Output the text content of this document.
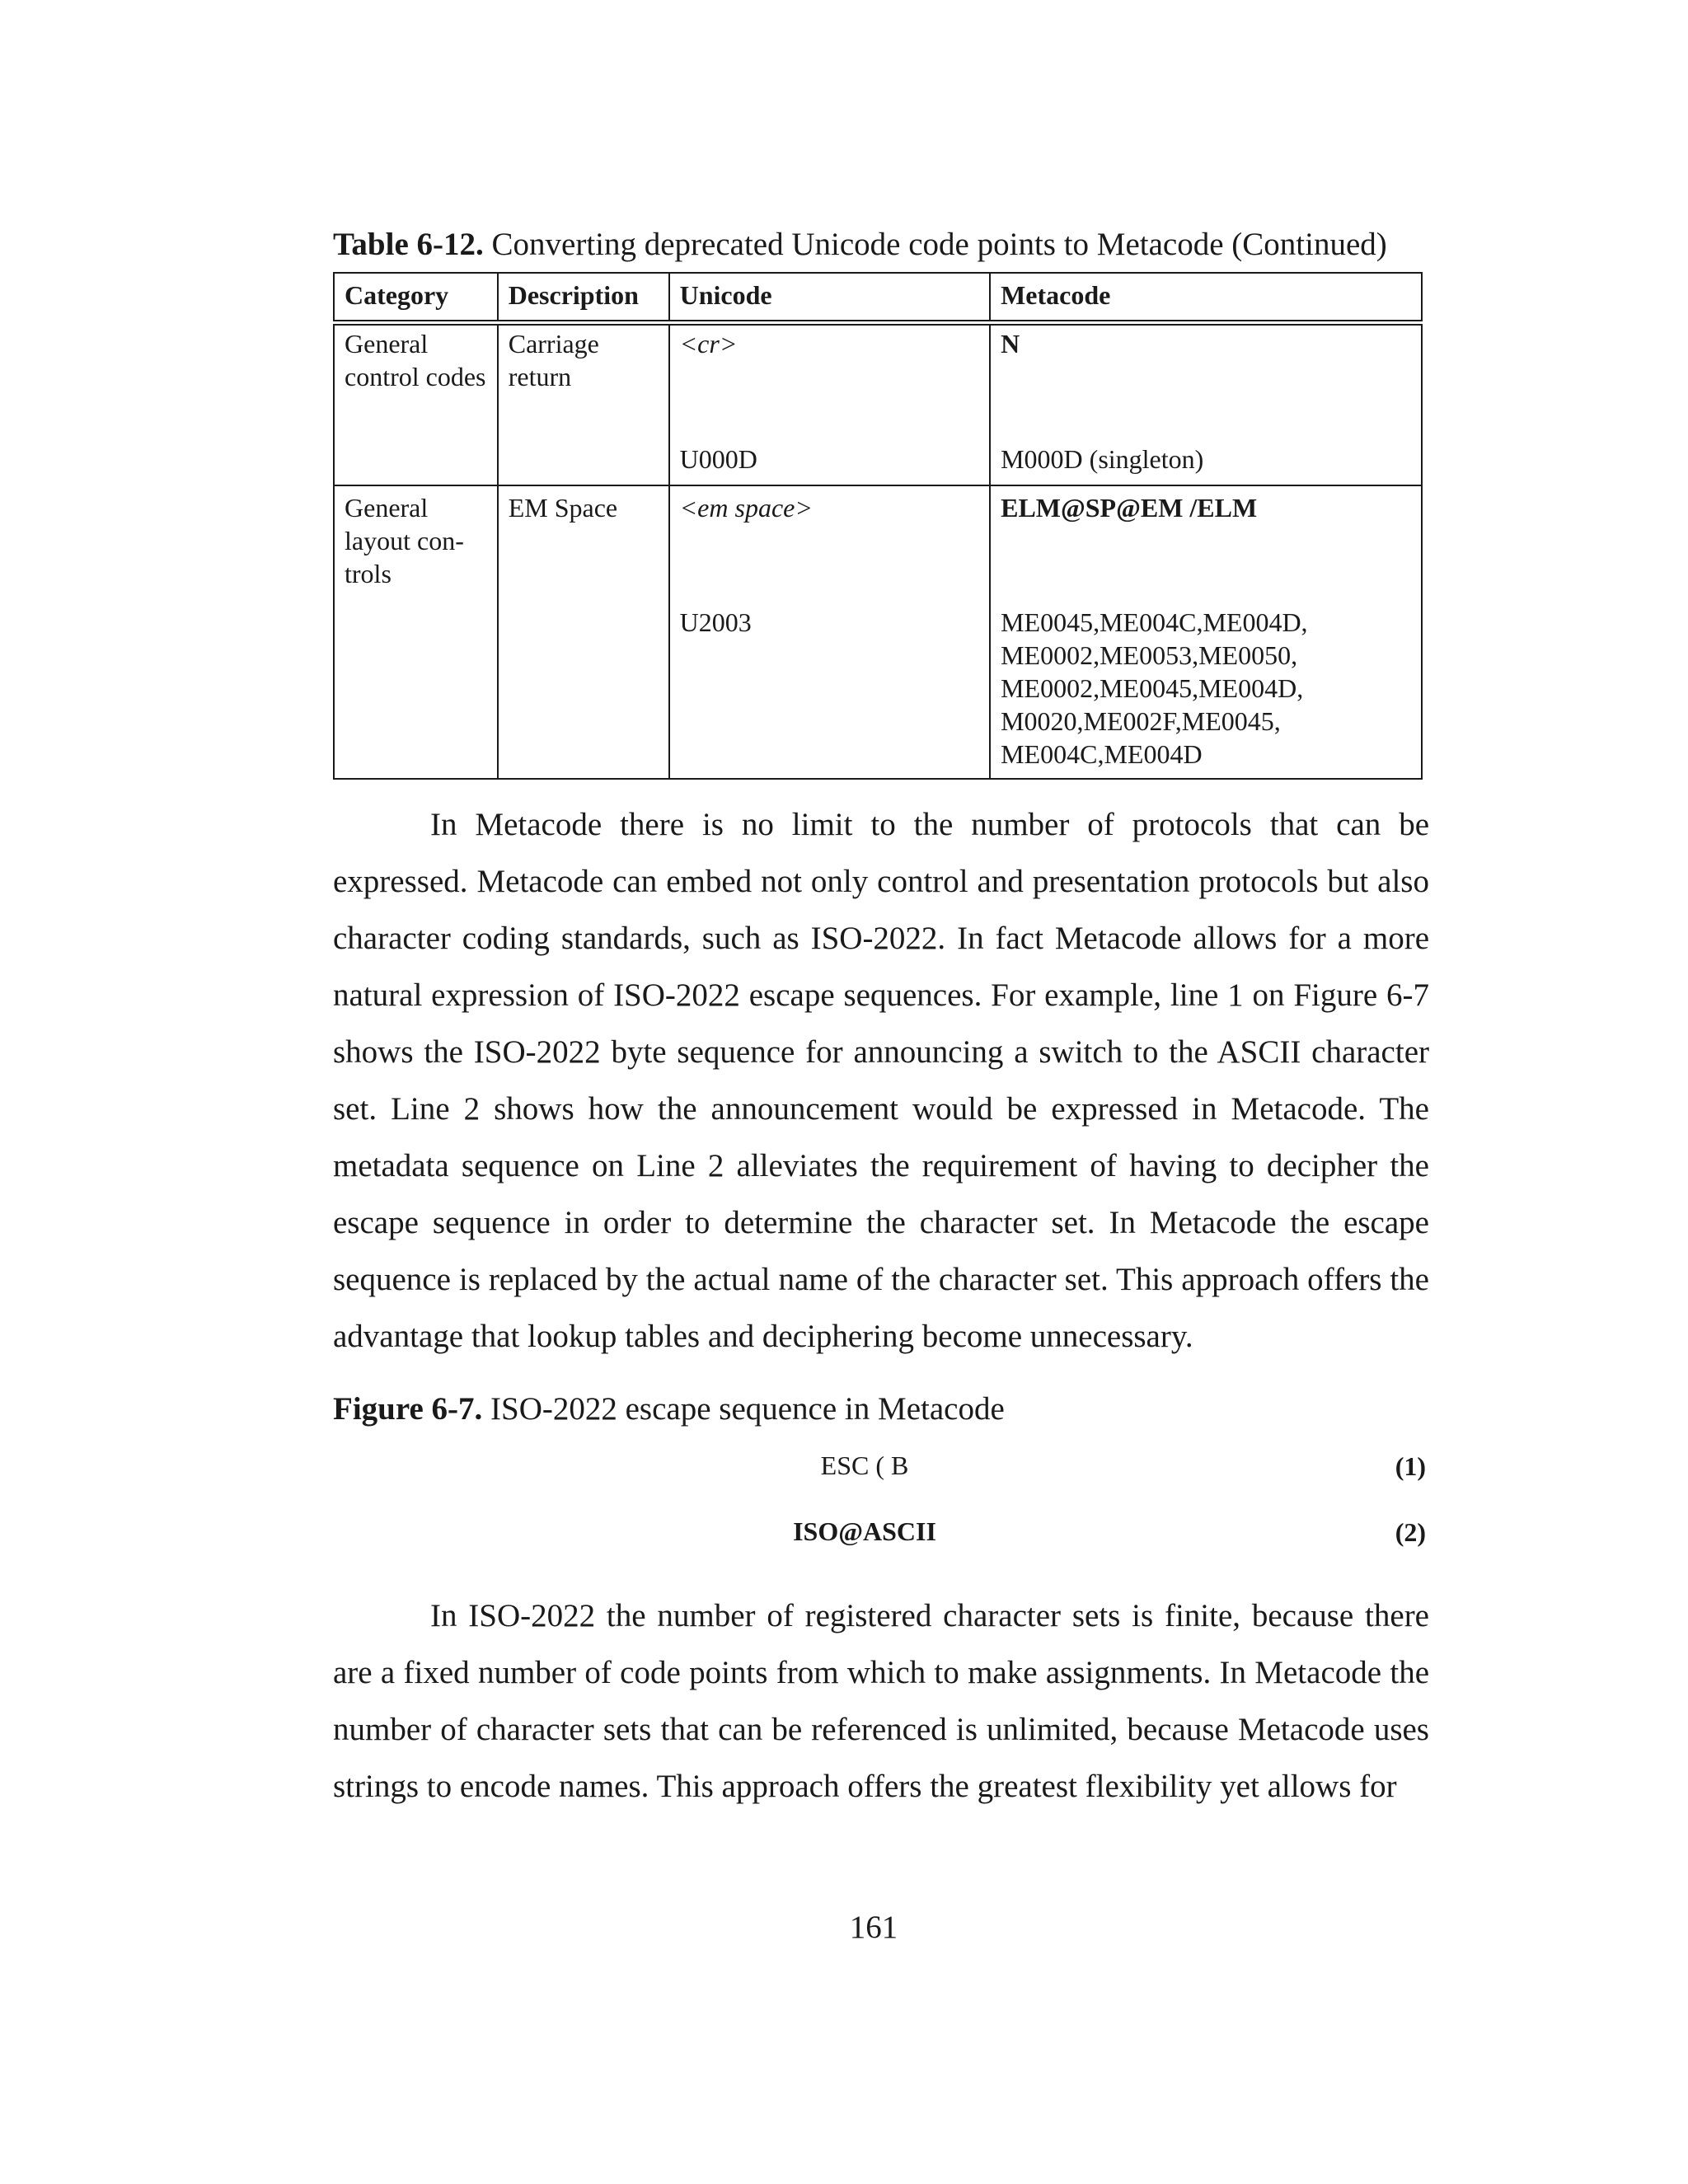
Table 6-12. Converting deprecated Unicode code points to Metacode (Continued)
Category	Description	Unicode	Metacode
General control codes	Carriage return	<cr>	N
		U000D	M000D (singleton)
General layout con- trols	EM Space	<em space>	ELM@SP@EM /ELM
		U2003	ME0045,ME004C,ME004D, ME0002,ME0053,ME0050, ME0002,ME0045,ME004D, M0020,ME002F,ME0045, ME004C,ME004D

In Metacode there is no limit to the number of protocols that can be expressed. Metacode can embed not only control and presentation protocols but also character coding standards, such as ISO-2022. In fact Metacode allows for a more natural expression of ISO-2022 escape sequences. For example, line 1 on Figure 6-7 shows the ISO-2022 byte sequence for announcing a switch to the ASCII character set. Line 2 shows how the announcement would be expressed in Metacode. The metadata sequence on Line 2 alleviates the requirement of having to decipher the escape sequence in order to determine the character set. In Metacode the escape sequence is replaced by the actual name of the character set. This approach offers the advantage that lookup tables and deciphering become unnecessary.

Figure 6-7. ISO-2022 escape sequence in Metacode
ESC ( B	(1)
ISO@ASCII	(2)

In ISO-2022 the number of registered character sets is finite, because there are a fixed number of code points from which to make assignments. In Metacode the number of character sets that can be referenced is unlimited, because Metacode uses strings to encode names. This approach offers the greatest flexibility yet allows for

161
